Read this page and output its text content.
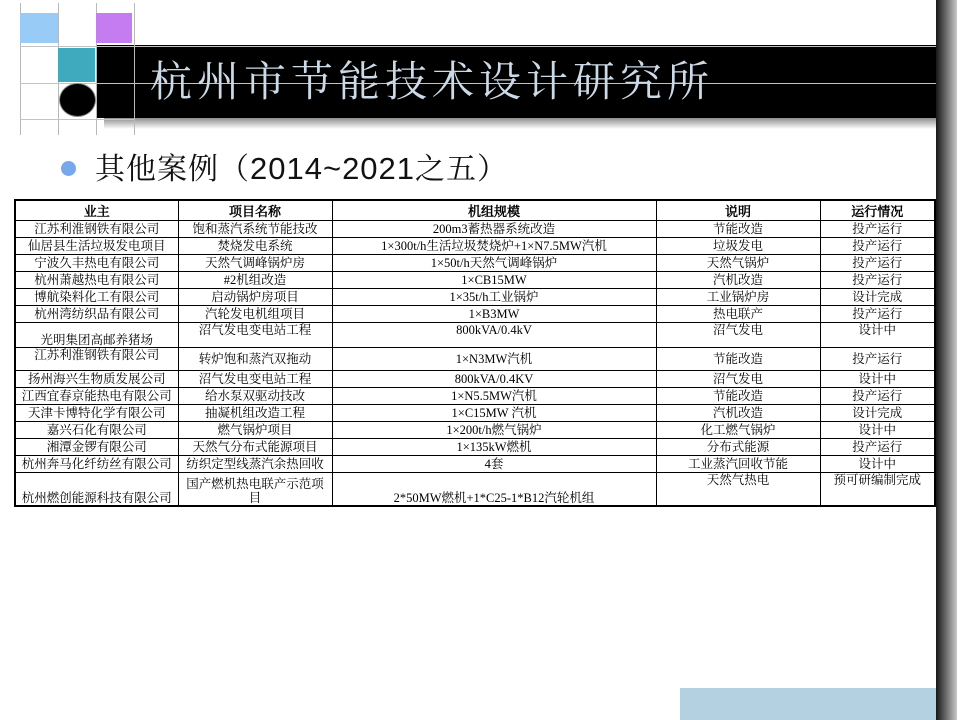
杭州市节能技术设计研究所
其他案例（2014~2021之五）
业主	项目名称	机组规模	说明	运行情况
江苏利淮钢铁有限公司	饱和蒸汽系统节能技改	200m3蓄热器系统改造	节能改造	投产运行
仙居县生活垃圾发电项目	焚烧发电系统	1×300t/h生活垃圾焚烧炉+1×N7.5MW汽机	垃圾发电	投产运行
宁波久丰热电有限公司	天然气调峰锅炉房	1×50t/h天然气调峰锅炉	天然气锅炉	投产运行
杭州萧越热电有限公司	#2机组改造	1×CB15MW	汽机改造	投产运行
博航染料化工有限公司	启动锅炉房项目	1×35t/h工业锅炉	工业锅炉房	设计完成
杭州湾纺织品有限公司	汽轮发电机组项目	1×B3MW	热电联产	投产运行
光明集团高邮养猪场	沼气发电变电站工程	800kVA/0.4kV	沼气发电	设计中
江苏利淮钢铁有限公司	转炉饱和蒸汽双拖动	1×N3MW汽机	节能改造	投产运行
扬州海兴生物质发展公司	沼气发电变电站工程	800kVA/0.4KV	沼气发电	设计中
江西宜春京能热电有限公司	给水泵双驱动技改	1×N5.5MW汽机	节能改造	投产运行
天津卡博特化学有限公司	抽凝机组改造工程	1×C15MW 汽机	汽机改造	设计完成
嘉兴石化有限公司	燃气锅炉项目	1×200t/h燃气锅炉	化工燃气锅炉	设计中
湘潭金锣有限公司	天然气分布式能源项目	1×135kW燃机	分布式能源	投产运行
杭州奔马化纤纺丝有限公司	纺织定型线蒸汽余热回收	4套	工业蒸汽回收节能	设计中
杭州燃创能源科技有限公司	国产燃机热电联产示范项目	2*50MW燃机+1*C25-1*B12汽轮机组	天然气热电	预可研编制完成
